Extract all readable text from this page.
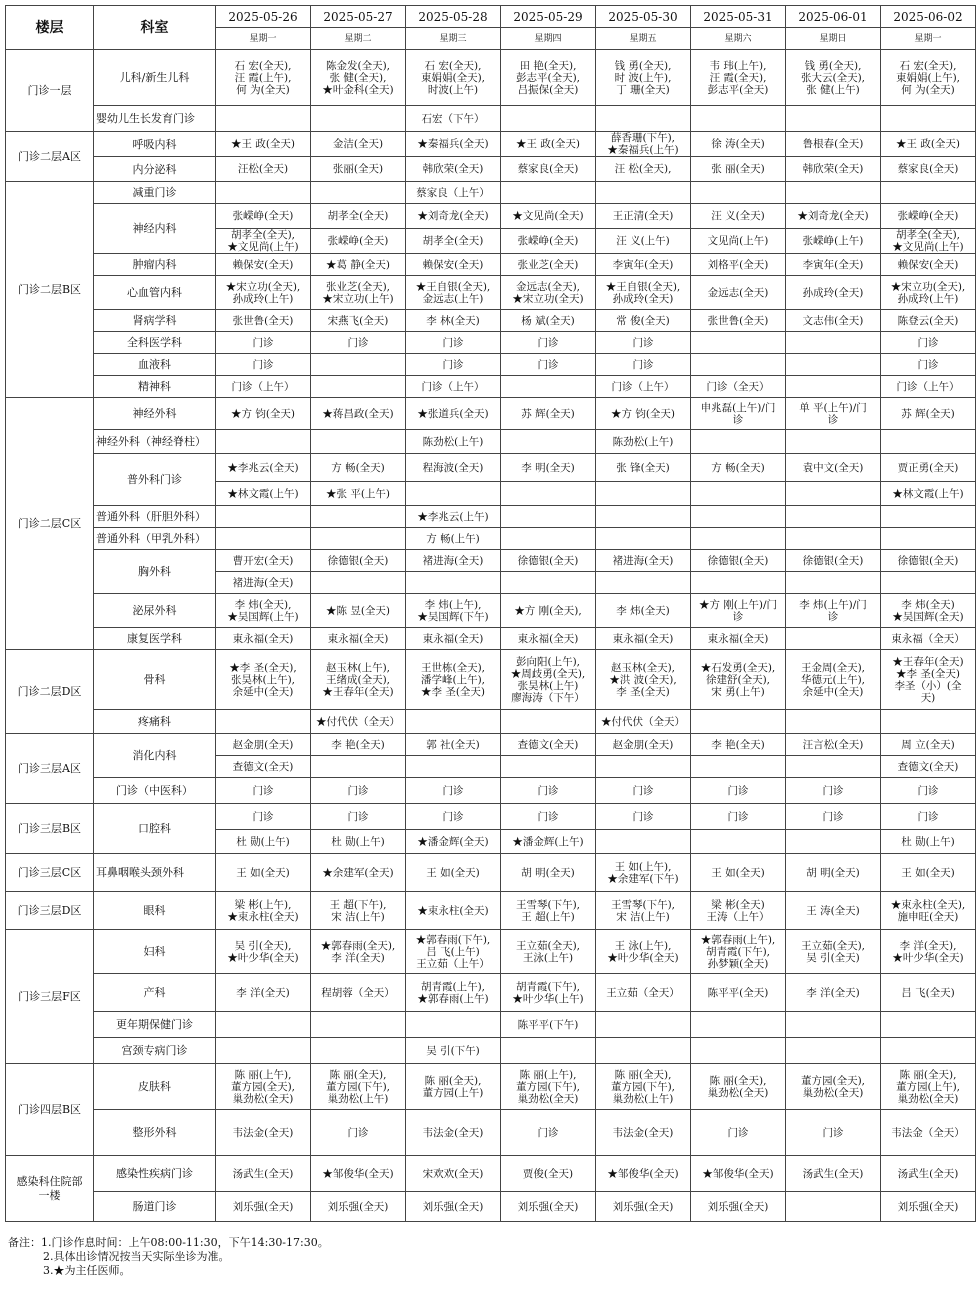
楼层	科室	2025-05-26	2025-05-27	2025-05-28	2025-05-29	2025-05-30	2025-05-31	2025-06-01	2025-06-02
		星期一	星期二	星期三	星期四	星期五	星期六	星期日	星期一
门诊一层	儿科/新生儿科	石 宏(全天),
汪 霞(上午),
何 为(全天)	陈金发(全天),
张 健(全天),
★叶金科(全天)	石 宏(全天),
東娟娟(全天),
时波(上午)	田 艳(全天),
彭志平(全天),
吕振保(全天)	钱 勇(全天),
时 波(上午),
丁 珊(全天)	韦 玮(上午),
汪 霞(全天),
彭志平(全天)	钱 勇(全天),
张大云(全天),
张 健(上午)	石 宏(全天),
東娟娟(上午),
何 为(全天)
	婴幼儿生长发育门诊			石宏（下午）					
门诊二层A区	呼吸内科	★王 政(全天)	金洁(全天)	★秦福兵(全天)	★王 政(全天)	薛香珊(下午),
★秦福兵(上午)	徐 涛(全天)	鲁根春(全天)	★王 政(全天)
	内分泌科	汪松(全天)	张丽(全天)	韩欣荣(全天)	蔡家良(全天)	汪 松(全天),	张 丽(全天)	韩欣荣(全天)	蔡家良(全天)
门诊二层B区	减重门诊			蔡家良（上午）					
	神经内科	张嵘峥(全天)	胡孝全(全天)	★刘奇龙(全天)	★文见尚(全天)	王正清(全天)	汪 义(全天)	★刘奇龙(全天)	张嵘峥(全天)
		胡孝全(全天),
★文见尚(上午)	张嵘峥(全天)	胡孝全(全天)	张嵘峥(全天)	汪 义(上午)	文见尚(上午)	张嵘峥(上午)	胡孝全(全天),
★文见尚(上午)
	肿瘤内科	赖保安(全天)	★葛 静(全天)	赖保安(全天)	张业芝(全天)	李寅年(全天)	刘格平(全天)	李寅年(全天)	赖保安(全天)
	心血管内科	★宋立功(全天),
孙成玲(上午)	张业芝(全天),
★宋立功(上午)	★王自银(全天),
金远志(上午)	金远志(全天),
★宋立功(全天)	★王自银(全天),
孙成玲(全天)	金远志(全天)	孙成玲(全天)	★宋立功(全天),
孙成玲(上午)
	肾病学科	张世鲁(全天)	宋燕飞(全天)	李 林(全天)	杨 斌(全天)	常 俊(全天)	张世鲁(全天)	文志伟(全天)	陈登云(全天)
	全科医学科	门诊	门诊	门诊	门诊	门诊			门诊
	血液科	门诊		门诊	门诊	门诊			门诊
	精神科	门诊（上午）		门诊（上午）		门诊（上午）	门诊（全天）		门诊（上午）
门诊二层C区	神经外科	★方 钧(全天)	★蒋昌政(全天)	★张道兵(全天)	苏 辉(全天)	★方 钧(全天)	申兆磊(上午)/门
诊	单 平(上午)/门
诊	苏 辉(全天)
	神经外科（神经脊柱）			陈劲松(上午)		陈劲松(上午)			
	普外科门诊	★李兆云(全天)	方 畅(全天)	程海波(全天)	李 明(全天)	张 锋(全天)	方 畅(全天)	袁中文(全天)	贾正勇(全天)
		★林文霞(上午)	★张 平(上午)						★林文霞(上午)
	普通外科（肝胆外科）			★李兆云(上午)					
	普通外科（甲乳外科）			方 畅(上午)					
	胸外科	曹开宏(全天)	徐德银(全天)	褚进海(全天)	徐德银(全天)	褚进海(全天)	徐德银(全天)	徐德银(全天)	徐德银(全天)
		褚进海(全天)							
	泌尿外科	李 炜(全天),
★吴国辉(上午)	★陈 昱(全天)	李 炜(上午),
★吴国辉(下午)	★方 刚(全天),	李 炜(全天)	★方 刚(上午)/门
诊	李 炜(上午)/门
诊	李 炜(全天)
★吴国辉(全天)
	康复医学科	東永福(全天)	東永福(全天)	東永福(全天)	東永福(全天)	東永福(全天)	東永福(全天)		東永福（全天）
门诊二层D区	骨科	★李 圣(全天),
张昊林(上午),
余延中(全天)	赵玉林(上午),
王绪成(全天),
★王春年(全天)	王世栋(全天),
潘学峰(上午),
★李 圣(全天)	彭向阳(上午),
★周歧勇(全天),
张昊林(上午)
廖海涛（下午）	赵玉林(全天),
★洪 波(全天),
李 圣(全天)	★石发勇(全天),
徐建舒(全天),
宋 勇(上午)	王金周(全天),
华德元(上午),
余延中(全天)	★王春年(全天)
★李 圣(全天)
李圣（小）(全
天)
	疼痛科		★付代伏（全天）			★付代伏（全天）			
门诊三层A区	消化内科	赵金朋(全天)	李 艳(全天)	郭 社(全天)	查德文(全天)	赵金朋(全天)	李 艳(全天)	汪言松(全天)	周 立(全天)
		查德文(全天)							查德文(全天)
	门诊（中医科）	门诊	门诊	门诊	门诊	门诊	门诊	门诊	门诊
门诊三层B区	口腔科	门诊	门诊	门诊	门诊	门诊	门诊	门诊	门诊
		杜 勋(上午)	杜 勋(上午)	★潘金辉(全天)	★潘金辉(上午)				杜 勋(上午)
门诊三层C区	耳鼻咽喉头颈外科	王 如(全天)	★余建军(全天)	王 如(全天)	胡 明(全天)	王 如(上午),
★余建军(下午)	王 如(全天)	胡 明(全天)	王 如(全天)
门诊三层D区	眼科	梁 彬(上午),
★束永柱(全天)	王 超(下午),
宋 洁(上午)	★束永柱(全天)	王雪琴(下午),
王 超(上午)	王雪琴(下午),
宋 洁(上午)	梁 彬(全天)
王涛（上午）	王 涛(全天)	★束永柱(全天),
施申旺(全天)
门诊三层F区	妇科	吴 引(全天),
★叶少华(全天)	★郭春雨(全天),
李 洋(全天)	★郭春雨(下午),
吕 飞(上午)
王立茹（上午）	王立茹(全天),
王泳(上午)	王 泳(上午),
★叶少华(全天)	★郭春雨(上午),
胡青霞(下午),
孙梦颖(全天)	王立茹(全天),
吴 引(全天)	李 洋(全天),
★叶少华(全天)
	产科	李 洋(全天)	程胡蓉（全天）	胡青霞(上午),
★郭春雨(上午)	胡青霞(下午),
★叶少华(上午)	王立茹（全天）	陈平平(全天)	李 洋(全天)	吕 飞(全天)
	更年期保健门诊				陈平平(下午)				
	宫颈专病门诊			吴 引(下午)					
门诊四层B区	皮肤科	陈 丽(上午),
董方园(全天),
巢劲松(全天)	陈 丽(全天),
董方园(下午),
巢劲松(上午)	陈 丽(全天),
董方园(上午)	陈 丽(上午),
董方园(下午),
巢劲松(全天)	陈 丽(全天),
董方园(下午),
巢劲松(上午)	陈 丽(全天),
巢劲松(全天)	董方园(全天),
巢劲松(全天)	陈 丽(全天),
董方园(上午),
巢劲松(全天)
	整形外科	韦法金(全天)	门诊	韦法金(全天)	门诊	韦法金(全天)	门诊	门诊	韦法金（全天）
感染科住院部
一楼	感染性疾病门诊	汤武生(全天)	★邹俊华(全天)	宋欢欢(全天)	贾俊(全天)	★邹俊华(全天)	★邹俊华(全天)	汤武生(全天)	汤武生(全天)
	肠道门诊	刘乐强(全天)	刘乐强(全天)	刘乐强(全天)	刘乐强(全天)	刘乐强(全天)	刘乐强(全天)		刘乐强(全天)
备注：1.门诊作息时间：上午08:00-11:30，下午14:30-17:30。
2.具体出诊情况按当天实际坐诊为准。
3.★为主任医师。
